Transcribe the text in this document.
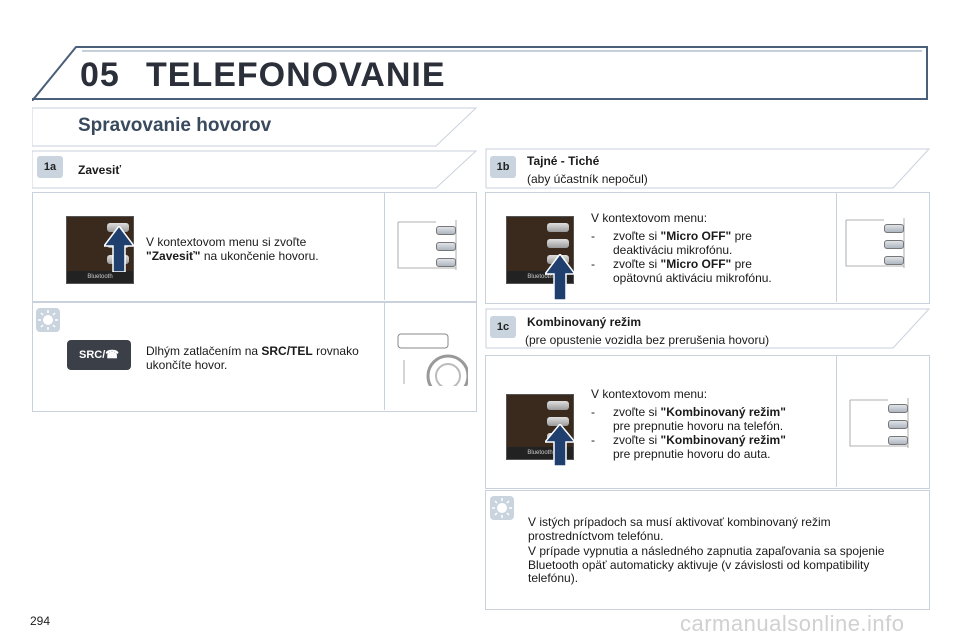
05 TELEFONOVANIE
Spravovanie hovorov
1a	Zavesiť
Bluetooth
V kontextovom menu si zvoľte
"Zavesiť" na ukončenie hovoru.
SRC/☎	Dlhým zatlačením na SRC/TEL rovnako
ukončíte hovor.
1b	Tajné - Tiché
(aby účastník nepočul)
Bluetooth
V kontextovom menu:
- zvoľte si "Micro OFF" pre
deaktiváciu mikrofónu.
- zvoľte si "Micro OFF" pre
opätovnú aktiváciu mikrofónu.
1c	Kombinovaný režim
(pre opustenie vozidla bez prerušenia hovoru)
Bluetooth
V kontextovom menu:
- zvoľte si "Kombinovaný režim"
pre prepnutie hovoru na telefón.
- zvoľte si "Kombinovaný režim"
pre prepnutie hovoru do auta.
V istých prípadoch sa musí aktivovať kombinovaný režim prostredníctvom telefónu.
V prípade vypnutia a následného zapnutia zapaľovania sa spojenie Bluetooth opäť automaticky aktivuje (v závislosti od kompatibility telefónu).
294	carmanualsonline.info
